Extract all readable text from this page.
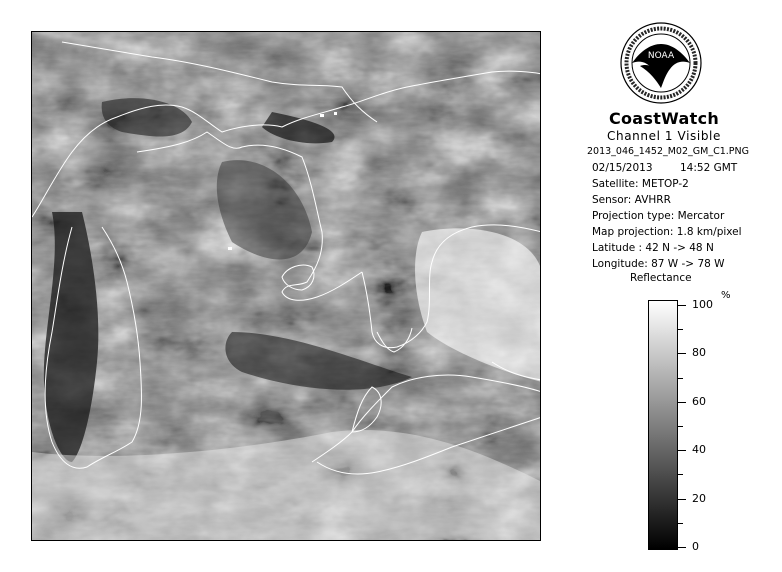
NOAA
CoastWatch
Channel 1 Visible
2013_046_1452_M02_GM_C1.PNG
02/15/2013	14:52 GMT
Satellite: METOP-2
Sensor: AVHRR
Projection type: Mercator
Map projection: 1.8 km/pixel
Latitude : 42 N -> 48 N
Longitude: 87 W -> 78 W
Reflectance
%
100
80
60
40
20
0
